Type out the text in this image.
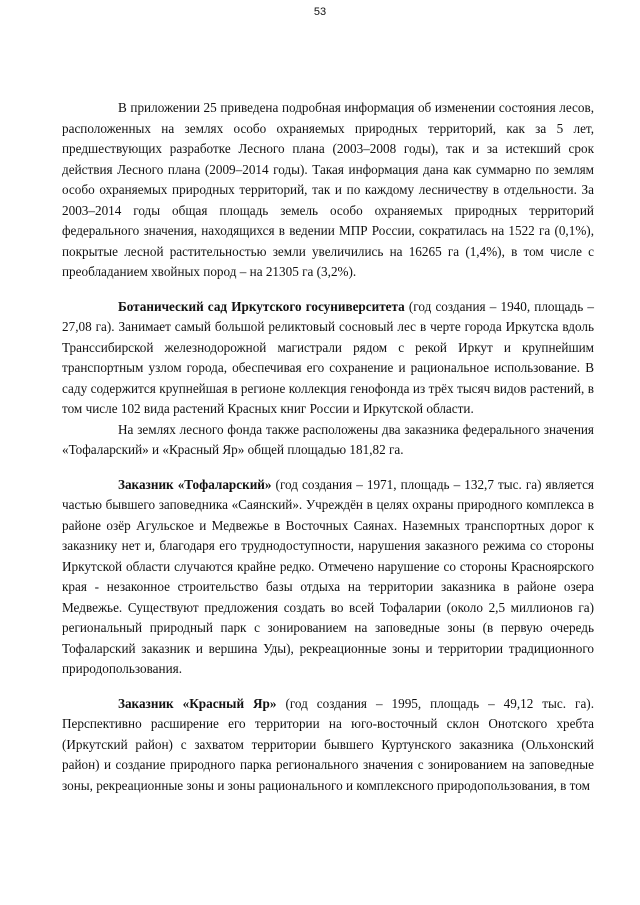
53

В приложении 25 приведена подробная информация об изменении состояния лесов, расположенных на землях особо охраняемых природных территорий, как за 5 лет, предшествующих разработке Лесного плана (2003–2008 годы), так и за истекший срок действия Лесного плана (2009–2014 годы). Такая информация дана как суммарно по землям особо охраняемых природных территорий, так и по каждому лесничеству в отдельности. За 2003–2014 годы общая площадь земель особо охраняемых природных территорий федерального значения, находящихся в ведении МПР России, сократилась на 1522 га (0,1%), покрытые лесной растительностью земли увеличились на 16265 га (1,4%), в том числе с преобладанием хвойных пород – на 21305 га (3,2%).

Ботанический сад Иркутского госуниверситета (год создания – 1940, площадь – 27,08 га). Занимает самый большой реликтовый сосновый лес в черте города Иркутска вдоль Транссибирской железнодорожной магистрали рядом с рекой Иркут и крупнейшим транспортным узлом города, обеспечивая его сохранение и рациональное использование. В саду содержится крупнейшая в регионе коллекция генофонда из трёх тысяч видов растений, в том числе 102 вида растений Красных книг России и Иркутской области.

На землях лесного фонда также расположены два заказника федерального значения «Тофаларский» и «Красный Яр» общей площадью 181,82 га.

Заказник «Тофаларский» (год создания – 1971, площадь – 132,7 тыс. га) является частью бывшего заповедника «Саянский». Учреждён в целях охраны природного комплекса в районе озёр Агульское и Медвежье в Восточных Саянах. Наземных транспортных дорог к заказнику нет и, благодаря его труднодоступности, нарушения заказного режима со стороны Иркутской области случаются крайне редко. Отмечено нарушение со стороны Красноярского края - незаконное строительство базы отдыха на территории заказника в районе озера Медвежье. Существуют предложения создать во всей Тофаларии (около 2,5 миллионов га) региональный природный парк с зонированием на заповедные зоны (в первую очередь Тофаларский заказник и вершина Уды), рекреационные зоны и территории традиционного природопользования.

Заказник «Красный Яр» (год создания – 1995, площадь – 49,12 тыс. га). Перспективно расширение его территории на юго-восточный склон Онотского хребта (Иркутский район) с захватом территории бывшего Куртунского заказника (Ольхонский район) и создание природного парка регионального значения с зонированием на заповедные зоны, рекреационные зоны и зоны рационального и комплексного природопользования, в том
